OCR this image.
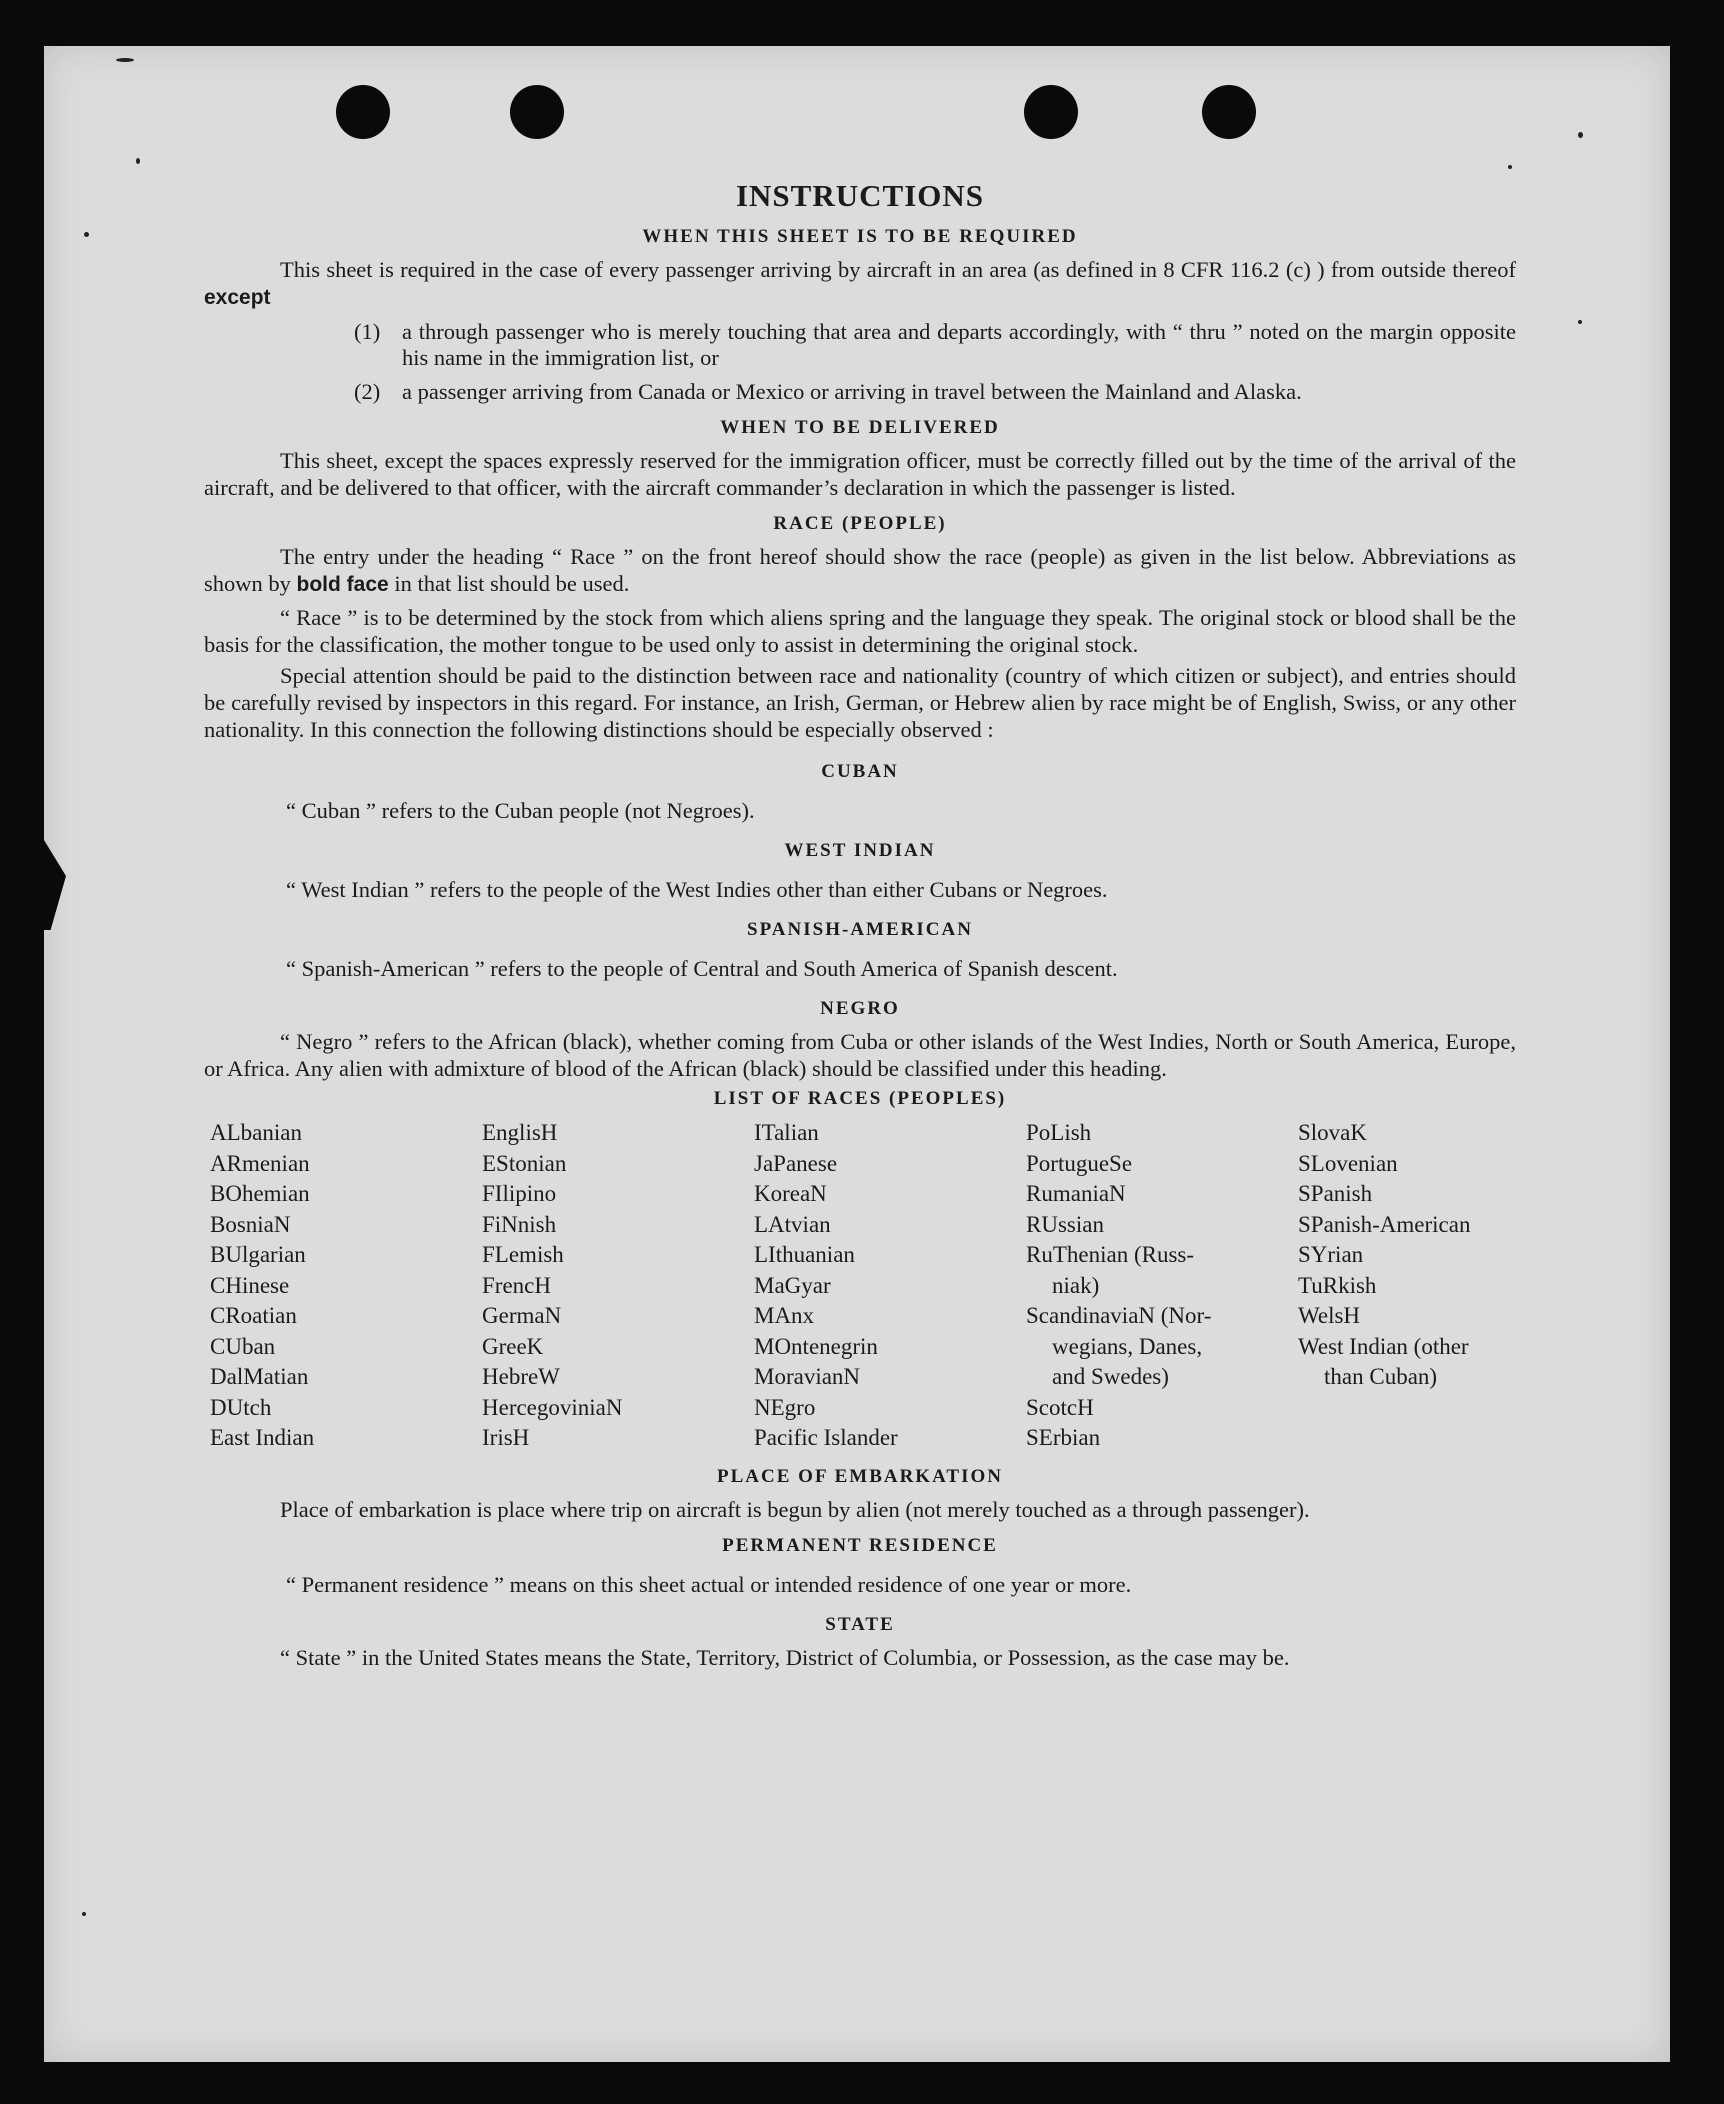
INSTRUCTIONS
WHEN THIS SHEET IS TO BE REQUIRED

This sheet is required in the case of every passenger arriving by aircraft in an area (as defined in 8 CFR 116.2 (c) ) from outside thereof except

(1) a through passenger who is merely touching that area and departs accordingly, with “ thru ” noted on the margin opposite his name in the immigration list, or
(2) a passenger arriving from Canada or Mexico or arriving in travel between the Mainland and Alaska.
WHEN TO BE DELIVERED

This sheet, except the spaces expressly reserved for the immigration officer, must be correctly filled out by the time of the arrival of the aircraft, and be delivered to that officer, with the aircraft commander’s declaration in which the passenger is listed.

RACE (PEOPLE)

The entry under the heading “ Race ” on the front hereof should show the race (people) as given in the list below. Abbreviations as shown by bold face in that list should be used.

“ Race ” is to be determined by the stock from which aliens spring and the language they speak. The original stock or blood shall be the basis for the classification, the mother tongue to be used only to assist in determining the original stock.

Special attention should be paid to the distinction between race and nationality (country of which citizen or subject), and entries should be carefully revised by inspectors in this regard. For instance, an Irish, German, or Hebrew alien by race might be of English, Swiss, or any other nationality. In this connection the following distinctions should be especially observed :

CUBAN

“ Cuban ” refers to the Cuban people (not Negroes).

WEST INDIAN

“ West Indian ” refers to the people of the West Indies other than either Cubans or Negroes.

SPANISH-AMERICAN

“ Spanish-American ” refers to the people of Central and South America of Spanish descent.

NEGRO

“ Negro ” refers to the African (black), whether coming from Cuba or other islands of the West Indies, North or South America, Europe, or Africa. Any alien with admixture of blood of the African (black) should be classified under this heading.

LIST OF RACES (PEOPLES)
ALbanian
ARmenian
BOhemian
BosniaN
BUlgarian
CHinese
CRoatian
CUban
DalMatian
DUtch
East Indian
EnglisH
EStonian
FIlipino
FiNnish
FLemish
FrencH
GermaN
GreeK
HebreW
HercegoviniaN
IrisH
ITalian
JaPanese
KoreaN
LAtvian
LIthuanian
MaGyar
MAnx
MOntenegrin
MoravianN
NEgro
Pacific Islander
PoLish
PortugueSe
RumaniaN
RUssian
RuThenian (Russ-
niak)
ScandinaviaN (Nor-
wegians, Danes,
and Swedes)
ScotcH
SErbian
SlovaK
SLovenian
SPanish
SPanish-American
SYrian
TuRkish
WelsH
West Indian (other
than Cuban)
PLACE OF EMBARKATION

Place of embarkation is place where trip on aircraft is begun by alien (not merely touched as a through passenger).

PERMANENT RESIDENCE

“ Permanent residence ” means on this sheet actual or intended residence of one year or more.

STATE

“ State ” in the United States means the State, Territory, District of Columbia, or Possession, as the case may be.
